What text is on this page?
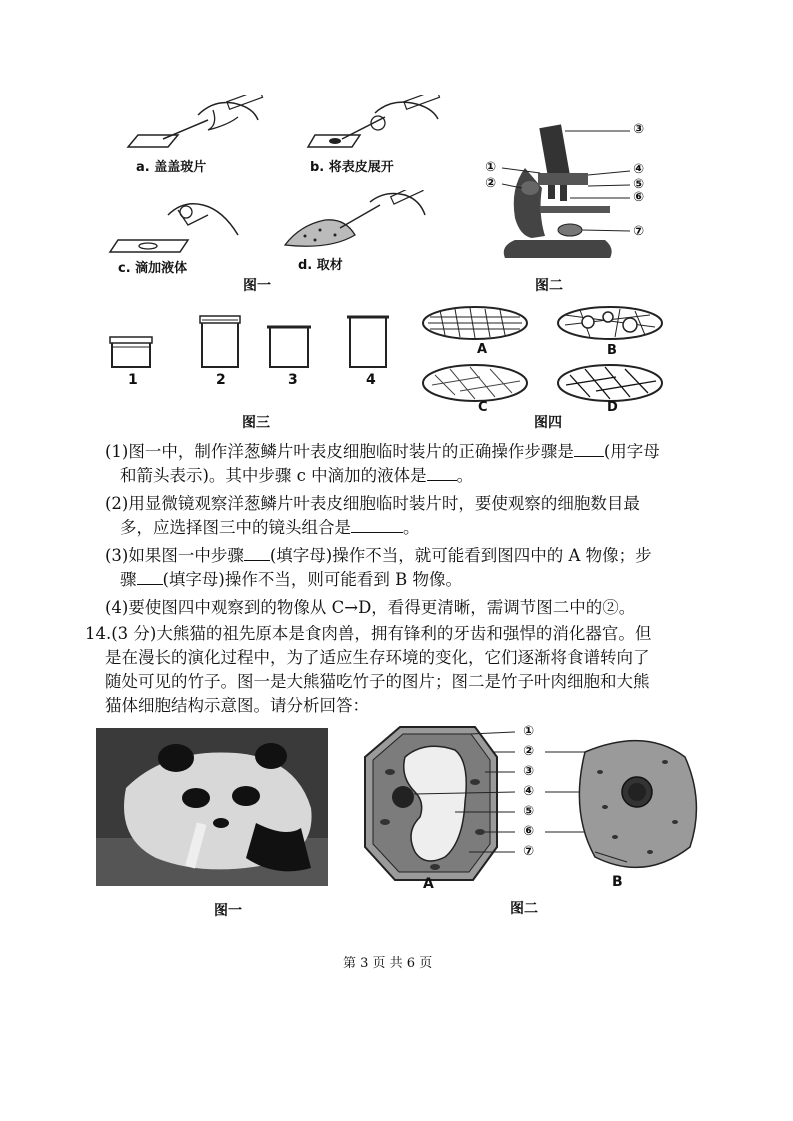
a. 盖盖玻片	b. 将表皮展开
c. 滴加液体	d. 取材
图一
③
①
②
④
⑤
⑥
⑦
图二
1	2	3	4
图三
A	B
C	D
图四
(1)图一中，制作洋葱鳞片叶表皮细胞临时装片的正确操作步骤是 (用字母
和箭头表示)。其中步骤 c 中滴加的液体是 。
(2)用显微镜观察洋葱鳞片叶表皮细胞临时装片时，要使观察的细胞数目最
多，应选择图三中的镜头组合是	。
(3)如果图一中步骤 (填字母)操作不当，就可能看到图四中的 A 物像；步
骤 (填字母)操作不当，则可能看到 B 物像。
(4)要使图四中观察到的物像从 C→D，看得更清晰，需调节图二中的②。
14.(3 分)大熊猫的祖先原本是食肉兽，拥有锋利的牙齿和强悍的消化器官。但
是在漫长的演化过程中，为了适应生存环境的变化，它们逐渐将食谱转向了
随处可见的竹子。图一是大熊猫吃竹子的图片；图二是竹子叶肉细胞和大熊
猫体细胞结构示意图。请分析回答：
图一
①
②
③
④
⑤
⑥
⑦
A	B
图二
第 3 页 共 6 页
